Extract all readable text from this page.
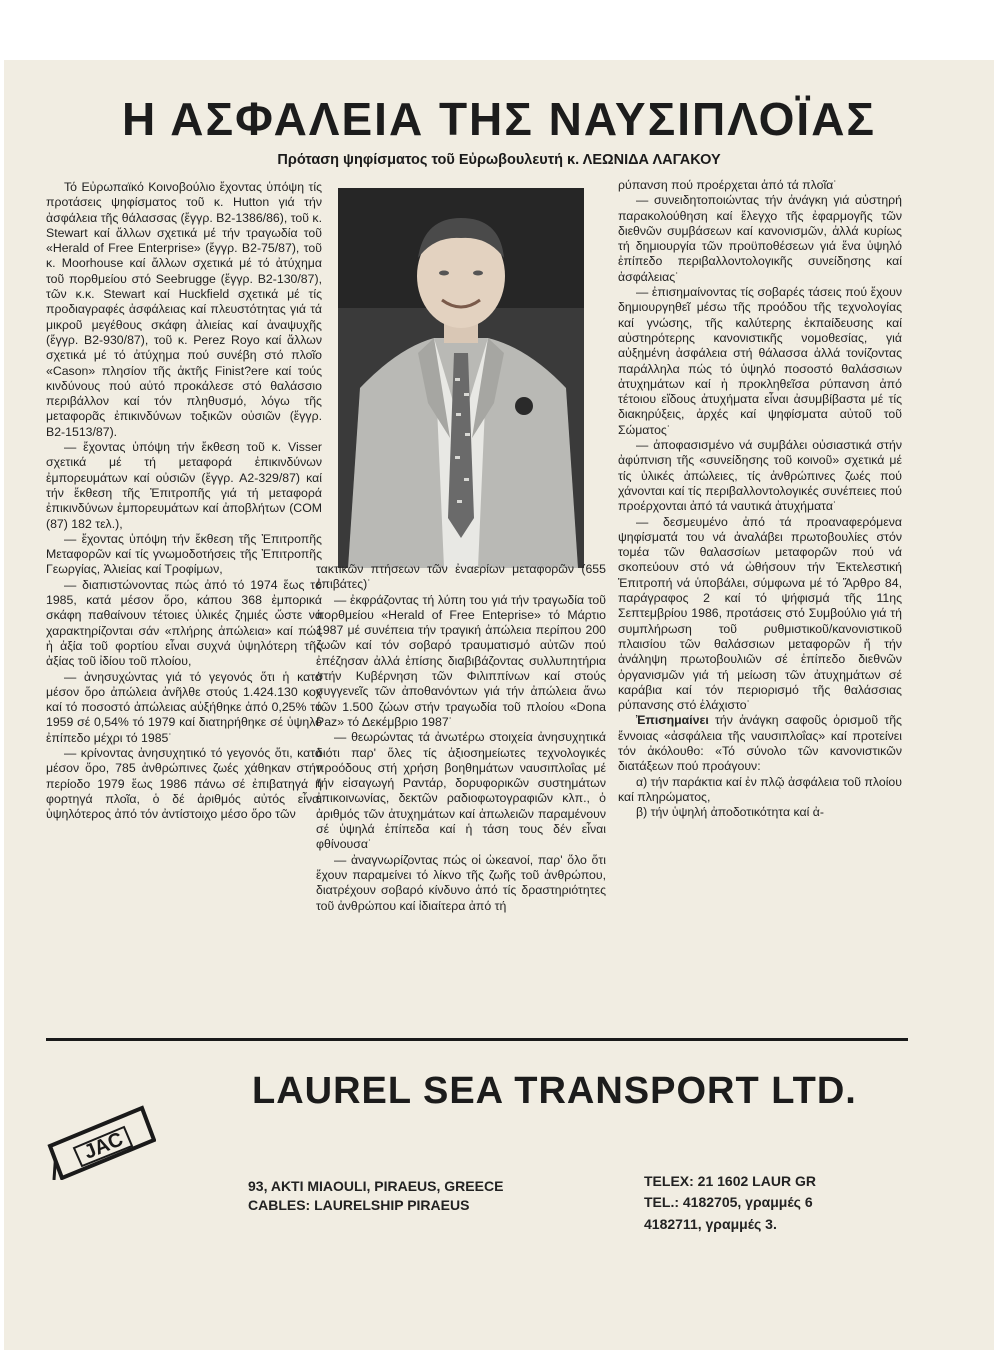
Η ΑΣΦΑΛΕΙΑ ΤΗΣ ΝΑΥΣΙΠΛΟΪΑΣ
Πρόταση ψηφίσματος τοῦ Εὐρωβουλευτή κ. ΛΕΩΝΙΔΑ ΛΑΓΑΚΟΥ

Τό Εὐρωπαϊκό Κοινοβούλιο ἔχοντας ὑπόψη τίς προτάσεις ψηφίσματος τοῦ κ. Hutton γιά τήν ἀσφάλεια τῆς θάλασσας (ἔγγρ. Β2-1386/86), τοῦ κ. Stewart καί ἄλλων σχετικά μέ τήν τραγωδία τοῦ «Herald of Free Enterprise» (ἔγγρ. Β2-75/87), τοῦ κ. Moorhouse καί ἄλλων σχετικά μέ τό ἀτύχημα τοῦ πορθμείου στό Seebrugge (ἔγγρ. Β2-130/87), τῶν κ.κ. Stewart καί Huckfield σχετικά μέ τίς προδιαγραφές ἀσφάλειας καί πλευστότητας γιά τά μικροῦ μεγέθους σκάφη ἀλιείας καί ἀναψυχῆς (ἔγγρ. Β2-930/87), τοῦ κ. Perez Royo καί ἄλλων σχετικά μέ τό ἀτύχημα πού συνέβη στό πλοῖο «Cason» πλησίον τῆς ἀκτῆς Finist?ere καί τούς κινδύνους πού αὐτό προκάλεσε στό θαλάσσιο περιβάλλον καί τόν πληθυσμό, λόγω τῆς μεταφορᾶς ἐπικινδύνων τοξικῶν οὐσιῶν (ἔγγρ. Β2-1513/87).

— ἔχοντας ὑπόψη τήν ἔκθεση τοῦ κ. Visser σχετικά μέ τή μεταφορά ἐπικινδύνων ἐμπορευμάτων καί οὐσιῶν (ἔγγρ. Α2-329/87) καί τήν ἔκθεση τῆς Ἐπιτροπῆς γιά τή μεταφορά ἐπικινδύνων ἐμπορευμάτων καί ἀποβλήτων (COM (87) 182 τελ.),

— ἔχοντας ὑπόψη τήν ἔκθεση τῆς Ἐπιτροπῆς Μεταφορῶν καί τίς γνωμοδοτήσεις τῆς Ἐπιτροπῆς Γεωργίας, Ἀλιείας καί Τροφίμων,

— διαπιστώνοντας πώς ἀπό τό 1974 ἕως τό 1985, κατά μέσον ὅρο, κάπου 368 ἐμπορικά σκάφη παθαίνουν τέτοιες ὑλικές ζημιές ὥστε νά χαρακτηρίζονται σάν «πλήρης ἀπώλεια» καί πώς ἡ ἀξία τοῦ φορτίου εἶναι συχνά ὑψηλότερη τῆς ἀξίας τοῦ ἰδίου τοῦ πλοίου,

— ἀνησυχώντας γιά τό γεγονός ὅτι ἡ κατά μέσον ὅρο ἀπώλεια ἀνῆλθε στούς 1.424.130 κοχ καί τό ποσοστό ἀπώλειας αὐξήθηκε ἀπό 0,25% τό 1959 σέ 0,54% τό 1979 καί διατηρήθηκε σέ ὑψηλό ἐπίπεδο μέχρι τό 1985˙

— κρίνοντας ἀνησυχητικό τό γεγονός ὅτι, κατά μέσον ὅρο, 785 ἀνθρώπινες ζωές χάθηκαν στήν περίοδο 1979 ἕως 1986 πάνω σέ ἐπιβατηγά ἤ φορτηγά πλοῖα, ὁ δέ ἀριθμός αὐτός εἶναι ὑψηλότερος ἀπό τόν ἀντίστοιχο μέσο ὅρο τῶν

τακτικῶν πτήσεων τῶν ἐναερίων μεταφορῶν (655 ἐπιβάτες)˙

— ἐκφράζοντας τή λύπη του γιά τήν τραγωδία τοῦ πορθμείου «Herald of Free Enteprise» τό Μάρτιο 1987 μέ συνέπεια τήν τραγική ἀπώλεια περίπου 200 ζωῶν καί τόν σοβαρό τραυματισμό αὐτῶν πού ἐπέζησαν ἀλλά ἐπίσης διαβιβάζοντας συλλυπητήρια στήν Κυβέρνηση τῶν Φιλιππίνων καί στούς συγγενεῖς τῶν ἀποθανόντων γιά τήν ἀπώλεια ἄνω τῶν 1.500 ζώων στήν τραγωδία τοῦ πλοίου «Dona Paz» τό Δεκέμβριο 1987˙

— θεωρώντας τά ἀνωτέρω στοιχεία ἀνησυχητικά διότι παρ' ὅλες τίς ἀξιοσημείωτες τεχνολογικές προόδους στή χρήση βοηθημάτων ναυσιπλοΐας μέ τήν εἰσαγωγή Ραντάρ, δορυφορικῶν συστημάτων ἐπικοινωνίας, δεκτῶν ραδιοφωτογραφιῶν κλπ., ὁ ἀριθμός τῶν ἀτυχημάτων καί ἀπωλειῶν παραμένουν σέ ὑψηλά ἐπίπεδα καί ἡ τάση τους δέν εἶναι φθίνουσα˙

— ἀναγνωρίζοντας πώς οἱ ὠκεανοί, παρ' ὅλο ὅτι ἔχουν παραμείνει τό λίκνο τῆς ζωῆς τοῦ ἀνθρώπου, διατρέχουν σοβαρό κίνδυνο ἀπό τίς δραστηριότητες τοῦ ἀνθρώπου καί ἰδιαίτερα ἀπό τή

ρύπανση πού προέρχεται ἀπό τά πλοῖα˙

— συνειδητοποιώντας τήν ἀνάγκη γιά αὐστηρή παρακολούθηση καί ἔλεγχο τῆς ἐφαρμογῆς τῶν διεθνῶν συμβάσεων καί κανονισμῶν, ἀλλά κυρίως τή δημιουργία τῶν προϋποθέσεων γιά ἕνα ὑψηλό ἐπίπεδο περιβαλλοντολογικῆς συνείδησης καί ἀσφάλειας˙

— ἐπισημαίνοντας τίς σοβαρές τάσεις πού ἔχουν δημιουργηθεῖ μέσω τῆς προόδου τῆς τεχνολογίας καί γνώσης, τῆς καλύτερης ἐκπαίδευσης καί αὐστηρότερης κανονιστικῆς νομοθεσίας, γιά αὐξημένη ἀσφάλεια στή θάλασσα ἀλλά τονίζοντας παράλληλα πώς τό ὑψηλό ποσοστό θαλάσσιων ἀτυχημάτων καί ἡ προκληθεῖσα ρύπανση ἀπό τέτοιου εἴδους ἀτυχήματα εἶναι ἀσυμβίβαστα μέ τίς διακηρύξεις, ἀρχές καί ψηφίσματα αὐτοῦ τοῦ Σώματος˙

— ἀποφασισμένο νά συμβάλει οὐσιαστικά στήν ἀφύπνιση τῆς «συνείδησης τοῦ κοινοῦ» σχετικά μέ τίς ὑλικές ἀπώλειες, τίς ἀνθρώπινες ζωές πού χάνονται καί τίς περιβαλλοντολογικές συνέπειες πού προέρχονται ἀπό τά ναυτικά ἀτυχήματα˙

— δεσμευμένο ἀπό τά προαναφερόμενα ψηφίσματά του νά ἀναλάβει πρωτοβουλίες στόν τομέα τῶν θαλασσίων μεταφορῶν πού νά σκοπεύουν στό νά ὠθήσουν τήν Ἐκτελεστική Ἐπιτροπή νά ὑποβάλει, σύμφωνα μέ τό Ἄρθρο 84, παράγραφος 2 καί τό ψήφισμά τῆς 11ης Σεπτεμβρίου 1986, προτάσεις στό Συμβούλιο γιά τή συμπλήρωση τοῦ ρυθμιστικοῦ/κανονιστικοῦ πλαισίου τῶν θαλάσσιων μεταφορῶν ἤ τήν ἀνάληψη πρωτοβουλιῶν σέ ἐπίπεδο διεθνῶν ὀργανισμῶν γιά τή μείωση τῶν ἀτυχημάτων σέ καράβια καί τόν περιορισμό τῆς θαλάσσιας ρύπανσης στό ἐλάχιστο˙

Ἐπισημαίνει τήν ἀνάγκη σαφοῦς ὁρισμοῦ τῆς ἔννοιας «ἀσφάλεια τῆς ναυσιπλοΐας» καί προτείνει τόν ἀκόλουθο: «Τό σύνολο τῶν κανονιστικῶν διατάξεων πού προάγουν:

α) τήν παράκτια καί ἐν πλῷ ἀσφάλεια τοῦ πλοίου καί πληρώματος,

β) τήν ὑψηλή ἀποδοτικότητα καί ἀ-

JAC
LAUREL SEA TRANSPORT LTD.
93, AKTI MIAOULI, PIRAEUS, GREECE
CABLES: LAURELSHIP PIRAEUS
TELEX: 21 1602 LAUR GR
TEL.: 4182705, γραμμές 6
4182711, γραμμές 3.
